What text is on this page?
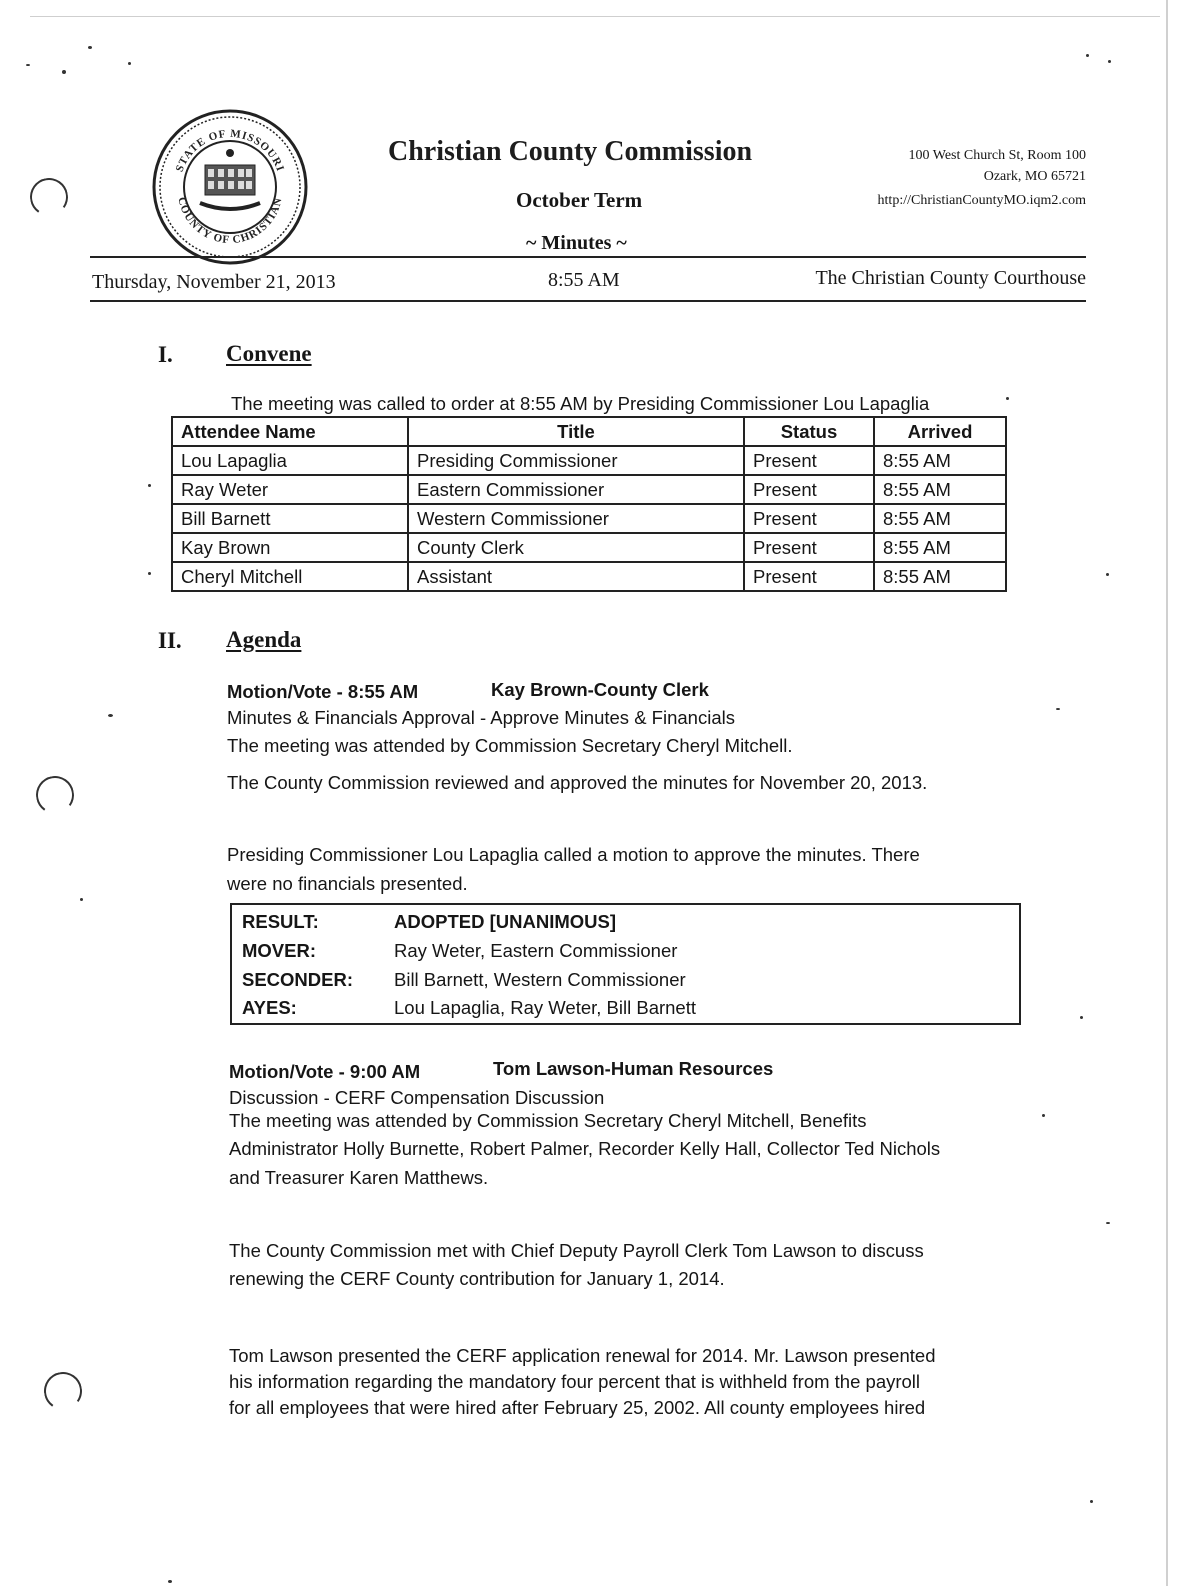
STATE OF MISSOURI
COUNTY OF CHRISTIAN
Christian County Commission
October Term
~ Minutes ~
100 West Church St, Room 100
Ozark, MO 65721
http://ChristianCountyMO.iqm2.com
Thursday, November 21, 2013	8:55 AM	The Christian County Courthouse
I. Convene
The meeting was called to order at 8:55 AM by Presiding Commissioner Lou Lapaglia
Attendee Name	Title	Status	Arrived
Lou Lapaglia	Presiding Commissioner	Present	8:55 AM
Ray Weter	Eastern Commissioner	Present	8:55 AM
Bill Barnett	Western Commissioner	Present	8:55 AM
Kay Brown	County Clerk	Present	8:55 AM
Cheryl Mitchell	Assistant	Present	8:55 AM
II. Agenda
Motion/Vote - 8:55 AM	Kay Brown-County Clerk
Minutes & Financials Approval - Approve Minutes & Financials
The meeting was attended by Commission Secretary Cheryl Mitchell.
The County Commission reviewed and approved the minutes for November 20, 2013.
Presiding Commissioner Lou Lapaglia called a motion to approve the minutes. There
were no financials presented.
RESULT:	ADOPTED [UNANIMOUS]
MOVER:	Ray Weter, Eastern Commissioner
SECONDER:	Bill Barnett, Western Commissioner
AYES:	Lou Lapaglia, Ray Weter, Bill Barnett
Motion/Vote - 9:00 AM	Tom Lawson-Human Resources
Discussion - CERF Compensation Discussion
The meeting was attended by Commission Secretary Cheryl Mitchell, Benefits
Administrator Holly Burnette, Robert Palmer, Recorder Kelly Hall, Collector Ted Nichols
and Treasurer Karen Matthews.
The County Commission met with Chief Deputy Payroll Clerk Tom Lawson to discuss
renewing the CERF County contribution for January 1, 2014.
Tom Lawson presented the CERF application renewal for 2014. Mr. Lawson presented
his information regarding the mandatory four percent that is withheld from the payroll
for all employees that were hired after February 25, 2002. All county employees hired
